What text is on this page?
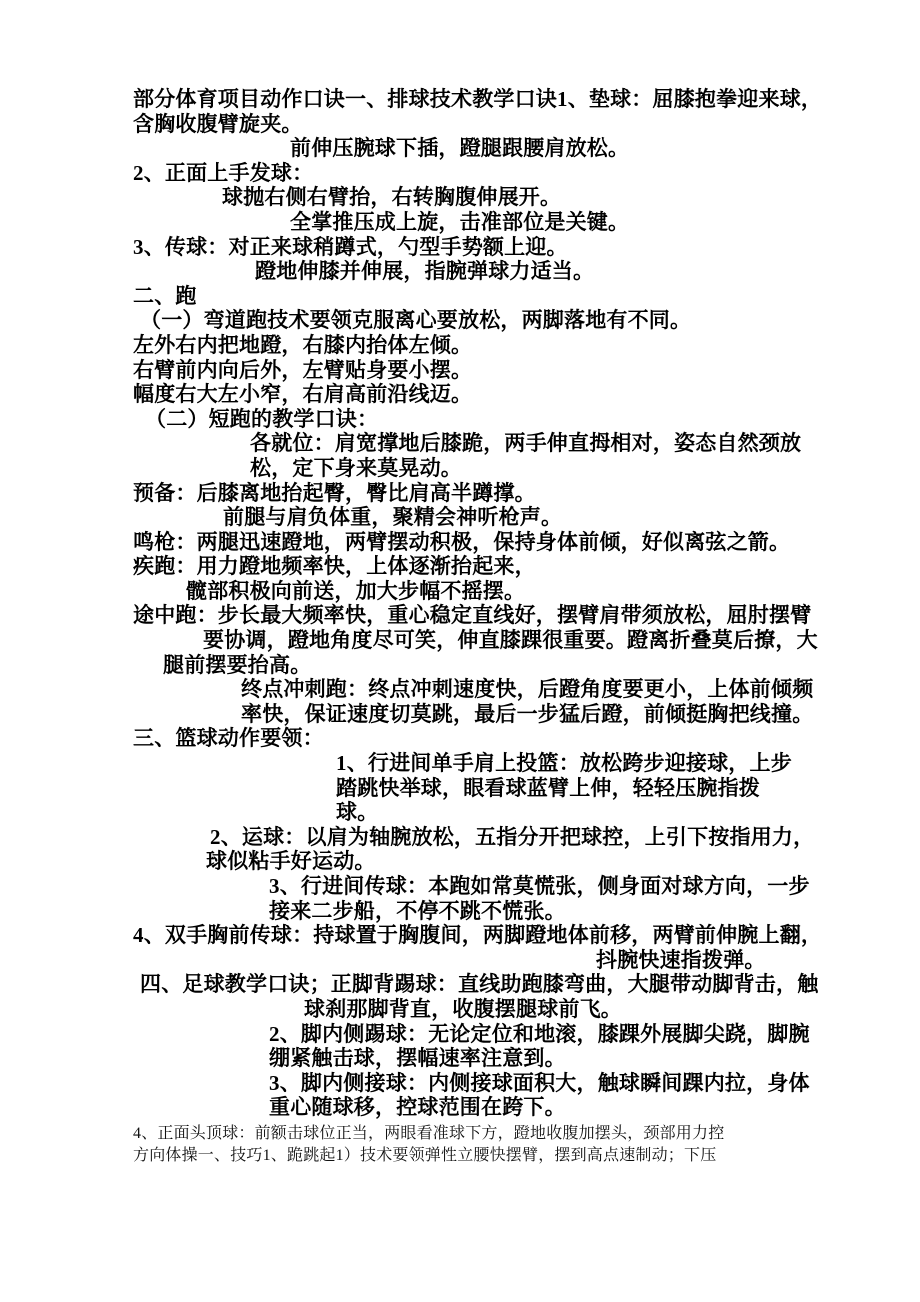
部分体育项目动作口诀一、排球技术教学口诀1、垫球：屈膝抱拳迎来球，
含胸收腹臂旋夹。
前伸压腕球下插，蹬腿跟腰肩放松。
2、正面上手发球：
球抛右侧右臂抬，右转胸腹伸展开。
全掌推压成上旋，击准部位是关键。
3、传球：对正来球稍蹲式，勺型手势额上迎。
蹬地伸膝并伸展，指腕弹球力适当。
二、跑
（一）弯道跑技术要领克服离心要放松，两脚落地有不同。
左外右内把地蹬，右膝内抬体左倾。
右臂前内向后外，左臂贴身要小摆。
幅度右大左小窄，右肩高前沿线迈。
（二）短跑的教学口诀：
各就位：肩宽撑地后膝跪，两手伸直拇相对，姿态自然颈放
松，定下身来莫晃动。
预备：后膝离地抬起臀，臀比肩高半蹲撑。
前腿与肩负体重，聚精会神听枪声。
鸣枪：两腿迅速蹬地，两臂摆动积极，保持身体前倾，好似离弦之箭。
疾跑：用力蹬地频率快，上体逐渐抬起来，
髋部积极向前送，加大步幅不摇摆。
途中跑：步长最大频率快，重心稳定直线好，摆臂肩带须放松，屈肘摆臂
要协调，蹬地角度尽可笑，伸直膝踝很重要。蹬离折叠莫后撩，大
腿前摆要抬高。
终点冲刺跑：终点冲刺速度快，后蹬角度要更小，上体前倾频
率快，保证速度切莫跳，最后一步猛后蹬，前倾挺胸把线撞。
三、篮球动作要领：
1、行进间单手肩上投篮：放松跨步迎接球，上步
踏跳快举球，眼看球蓝臂上伸，轻轻压腕指拨
球。
2、运球：以肩为轴腕放松，五指分开把球控，上引下按指用力，
球似粘手好运动。
3、行进间传球：本跑如常莫慌张，侧身面对球方向，一步
接来二步船，不停不跳不慌张。
4、双手胸前传球：持球置于胸腹间，两脚蹬地体前移，两臂前伸腕上翻，
抖腕快速指拨弹。
四、足球教学口诀；正脚背踢球：直线助跑膝弯曲，大腿带动脚背击，触
球刹那脚背直，收腹摆腿球前飞。
2、脚内侧踢球：无论定位和地滚，膝踝外展脚尖跷，脚腕
绷紧触击球，摆幅速率注意到。
3、脚内侧接球：内侧接球面积大，触球瞬间踝内拉，身体
重心随球移，控球范围在跨下。
4、正面头顶球：前额击球位正当，两眼看准球下方，蹬地收腹加摆头，颈部用力控
方向体操一、技巧1、跪跳起1）技术要领弹性立腰快摆臂，摆到高点速制动；下压
